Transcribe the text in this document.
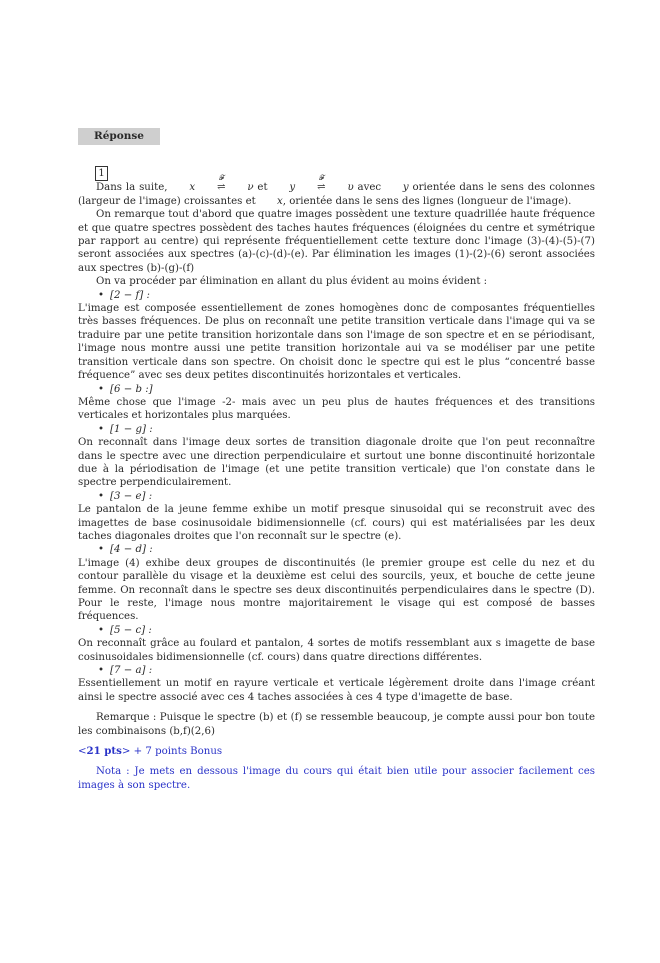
Réponse
1

Dans la suite, x
𝓕
⇌ ν et y
𝓕
⇌ υ avec y orientée dans le sens des colonnes (largeur de l'image) croissantes et x, orientée dans le sens des lignes (longueur de l'image).

On remarque tout d'abord que quatre images possèdent une texture quadrillée haute fréquence et que quatre spectres possèdent des taches hautes fréquences (éloignées du centre et symétrique par rapport au centre) qui représente fréquentiellement cette texture donc l'image (3)-(4)-(5)-(7) seront associées aux spectres (a)-(c)-(d)-(e). Par élimination les images (1)-(2)-(6) seront associées aux spectres (b)-(g)-(f)

On va procéder par élimination en allant du plus évident au moins évident :

• [2 − f] :

L'image est composée essentiellement de zones homogènes donc de composantes fréquentielles très basses fréquences. De plus on reconnaît une petite transition verticale dans l'image qui va se traduire par une petite transition horizontale dans son l'image de son spectre et en se périodisant, l'image nous montre aussi une petite transition horizontale aui va se modéliser par une petite transition verticale dans son spectre. On choisit donc le spectre qui est le plus “concentré basse fréquence” avec ses deux petites discontinuités horizontales et verticales.

• [6 − b :]

Même chose que l'image -2- mais avec un peu plus de hautes fréquences et des transitions verticales et horizontales plus marquées.

• [1 − g] :

On reconnaît dans l'image deux sortes de transition diagonale droite que l'on peut reconnaître dans le spectre avec une direction perpendiculaire et surtout une bonne discontinuité horizontale due à la périodisation de l'image (et une petite transition verticale) que l'on constate dans le spectre perpendiculairement.

• [3 − e] :

Le pantalon de la jeune femme exhibe un motif presque sinusoidal qui se reconstruit avec des imagettes de base cosinusoidale bidimensionnelle (cf. cours) qui est matérialisées par les deux taches diagonales droites que l'on reconnaît sur le spectre (e).

• [4 − d] :

L'image (4) exhibe deux groupes de discontinuités (le premier groupe est celle du nez et du contour parallèle du visage et la deuxième est celui des sourcils, yeux, et bouche de cette jeune femme. On reconnaît dans le spectre ses deux discontinuités perpendiculaires dans le spectre (D). Pour le reste, l'image nous montre majoritairement le visage qui est composé de basses fréquences.

• [5 − c] :

On reconnaît grâce au foulard et pantalon, 4 sortes de motifs ressemblant aux s imagette de base cosinusoidales bidimensionnelle (cf. cours) dans quatre directions différentes.

• [7 − a] :

Essentiellement un motif en rayure verticale et verticale légèrement droite dans l'image créant ainsi le spectre associé avec ces 4 taches associées à ces 4 type d'imagette de base.

Remarque : Puisque le spectre (b) et (f) se ressemble beaucoup, je compte aussi pour bon toute les combinaisons (b,f)(2,6)

<21 pts> + 7 points Bonus

Nota : Je mets en dessous l'image du cours qui était bien utile pour associer facilement ces images à son spectre.
